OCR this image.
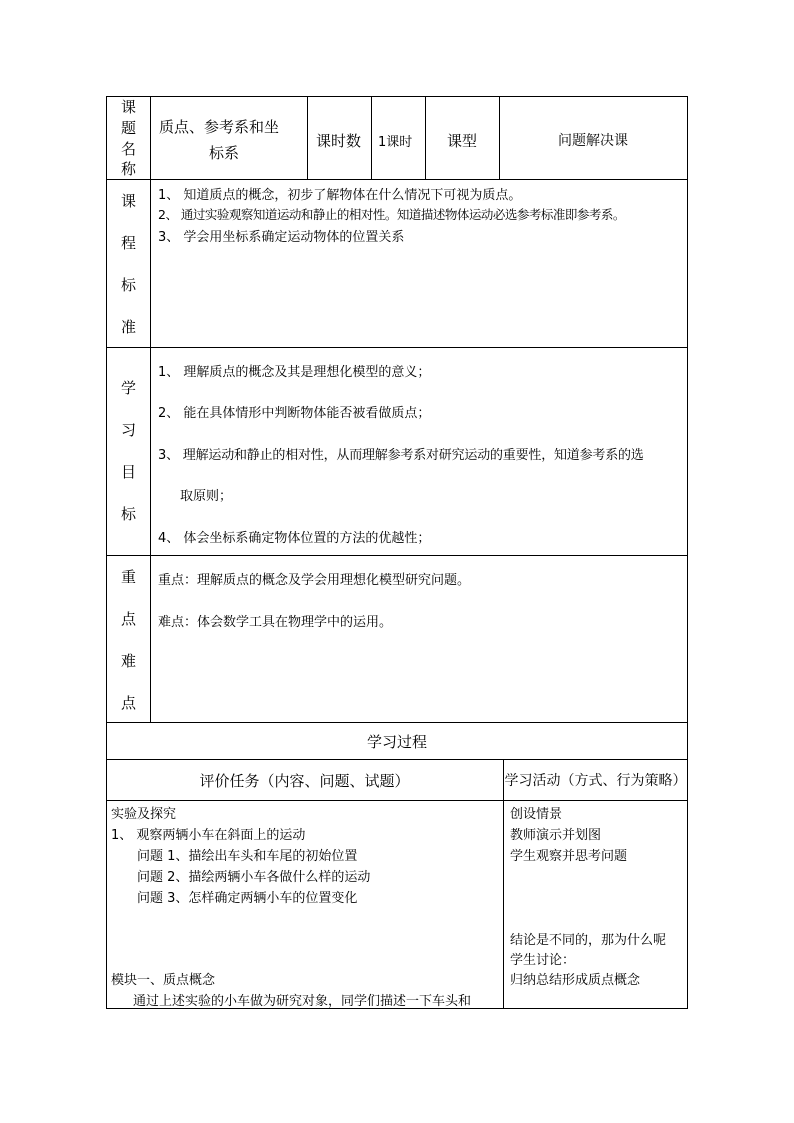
课
题
名
称
质点、参考系和坐
标系
课时数 1课时 课型	问题解决课
课
程
标
准
1、 知道质点的概念，初步了解物体在什么情况下可视为质点。
2、 通过实验观察知道运动和静止的相对性。知道描述物体运动必选参考标准即参考系。
3、 学会用坐标系确定运动物体的位置关系
学
习
目
标
1、 理解质点的概念及其是理想化模型的意义；
2、 能在具体情形中判断物体能否被看做质点；
3、 理解运动和静止的相对性，从而理解参考系对研究运动的重要性，知道参考系的选
取原则；
4、 体会坐标系确定物体位置的方法的优越性；
重
点
难
点
重点：理解质点的概念及学会用理想化模型研究问题。
难点：体会数学工具在物理学中的运用。
学习过程
评价任务（内容、问题、试题）	学习活动（方式、行为策略）
实验及探究
1、 观察两辆小车在斜面上的运动
问题 1、描绘出车头和车尾的初始位置
问题 2、描绘两辆小车各做什么样的运动
问题 3、怎样确定两辆小车的位置变化
模块一、质点概念
通过上述实验的小车做为研究对象，同学们描述一下车头和
创设情景
教师演示并划图
学生观察并思考问题
结论是不同的，那为什么呢
学生讨论：
归纳总结形成质点概念
